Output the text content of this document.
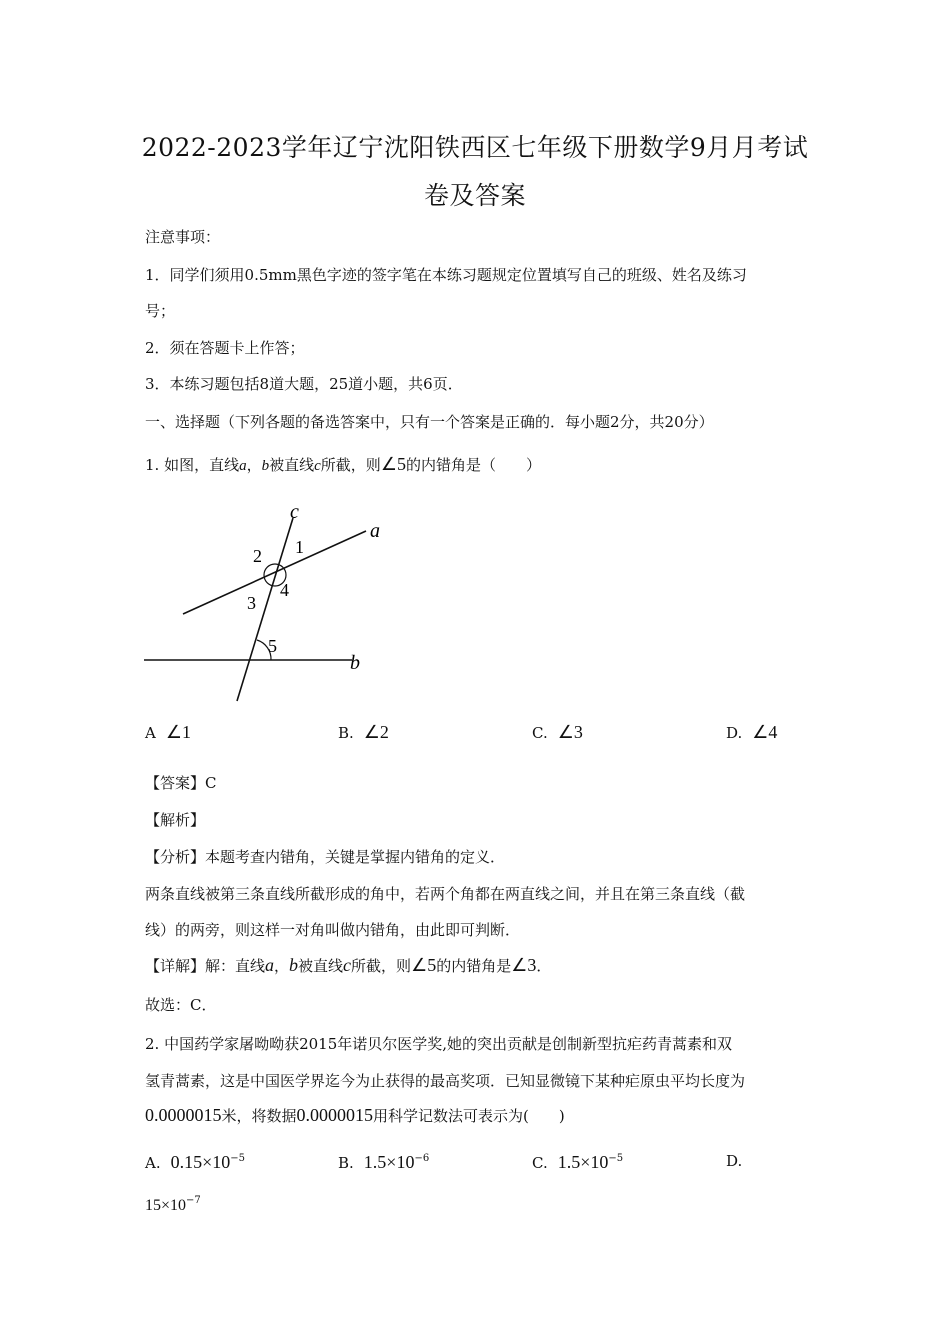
2022-2023学年辽宁沈阳铁西区七年级下册数学9月月考试
卷及答案
注意事项：
1．同学们须用0.5mm黑色字迹的签字笔在本练习题规定位置填写自己的班级、姓名及练习
号；
2．须在答题卡上作答；
3．本练习题包括8道大题，25道小题，共6页．
一、选择题（下列各题的备选答案中，只有一个答案是正确的．每小题2分，共20分）
1. 如图，直线a，b被直线c所截，则∠5的内错角是（　　）
c
a
b
1
2
3
4
5
A ∠1	B. ∠2	C. ∠3	D. ∠4
【答案】C
【解析】
【分析】本题考查内错角，关键是掌握内错角的定义．
两条直线被第三条直线所截形成的角中，若两个角都在两直线之间，并且在第三条直线（截
线）的两旁，则这样一对角叫做内错角，由此即可判断．
【详解】解：直线a，b被直线c所截，则∠5的内错角是∠3．
故选：C．
2. 中国药学家屠呦呦获2015年诺贝尔医学奖,她的突出贡献是创制新型抗疟药青蒿素和双
氢青蒿素，这是中国医学界迄今为止获得的最高奖项．已知显微镜下某种疟原虫平均长度为
0.0000015米，将数据0.0000015用科学记数法可表示为(　　)
A. $0.15\times 10^{-5}$	B. $1.5\times 10^{-6}$	C. $1.5\times 10^{-5}$	D.
$15\times 10^{-7}$
